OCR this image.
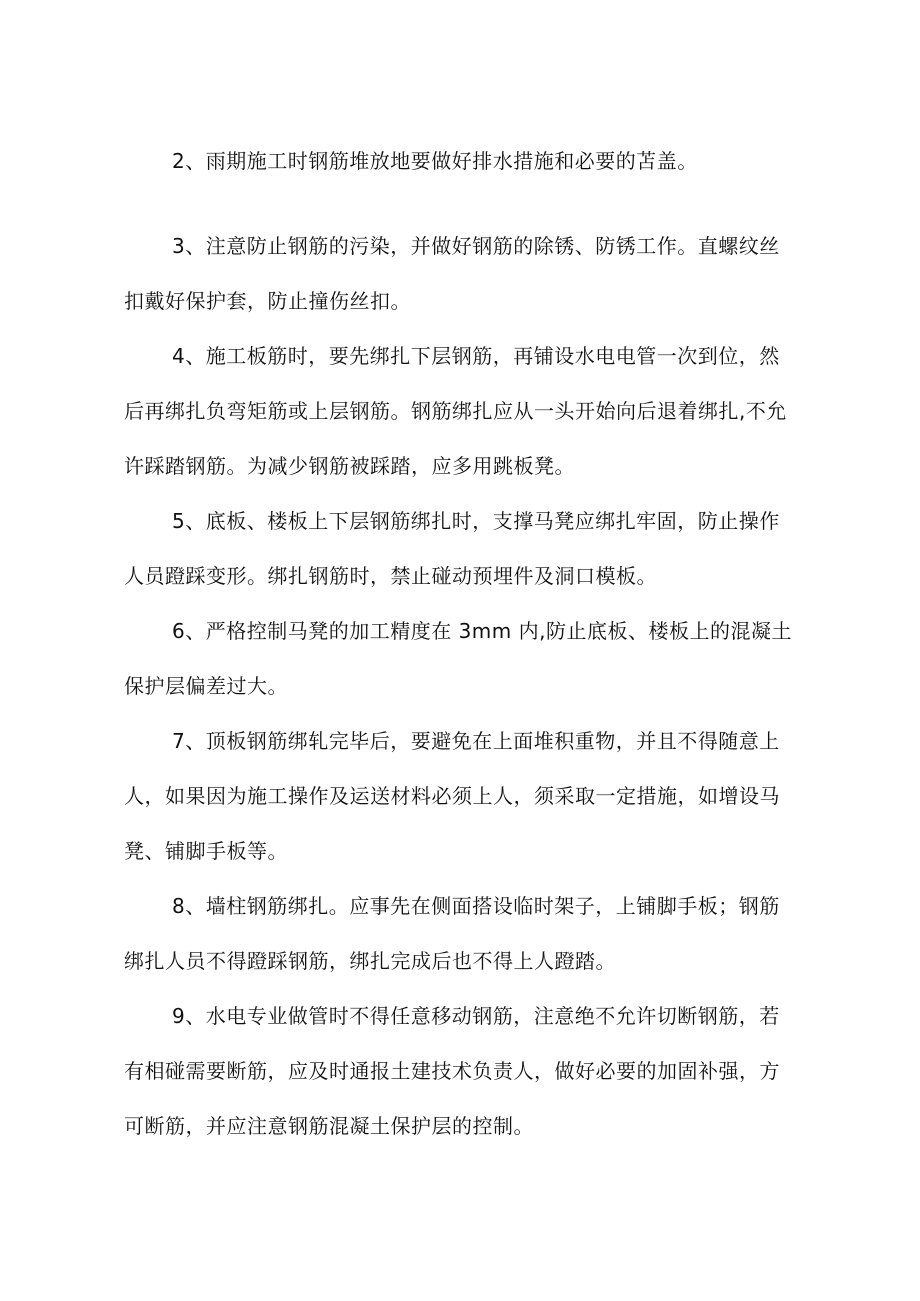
2、雨期施工时钢筋堆放地要做好排水措施和必要的苫盖。

3、注意防止钢筋的污染，并做好钢筋的除锈、防锈工作。直螺纹丝扣戴好保护套，防止撞伤丝扣。

4、施工板筋时，要先绑扎下层钢筋，再铺设水电电管一次到位，然后再绑扎负弯矩筋或上层钢筋。钢筋绑扎应从一头开始向后退着绑扎,不允许踩踏钢筋。为减少钢筋被踩踏，应多用跳板凳。

5、底板、楼板上下层钢筋绑扎时，支撑马凳应绑扎牢固，防止操作人员蹬踩变形。绑扎钢筋时，禁止碰动预埋件及洞口模板。

6、严格控制马凳的加工精度在 3mm 内,防止底板、楼板上的混凝土保护层偏差过大。

7、顶板钢筋绑轧完毕后，要避免在上面堆积重物，并且不得随意上人，如果因为施工操作及运送材料必须上人，须采取一定措施，如增设马凳、铺脚手板等。

8、墙柱钢筋绑扎。应事先在侧面搭设临时架子，上铺脚手板；钢筋绑扎人员不得蹬踩钢筋，绑扎完成后也不得上人蹬踏。

9、水电专业做管时不得任意移动钢筋，注意绝不允许切断钢筋，若有相碰需要断筋，应及时通报土建技术负责人，做好必要的加固补强，方可断筋，并应注意钢筋混凝土保护层的控制。
